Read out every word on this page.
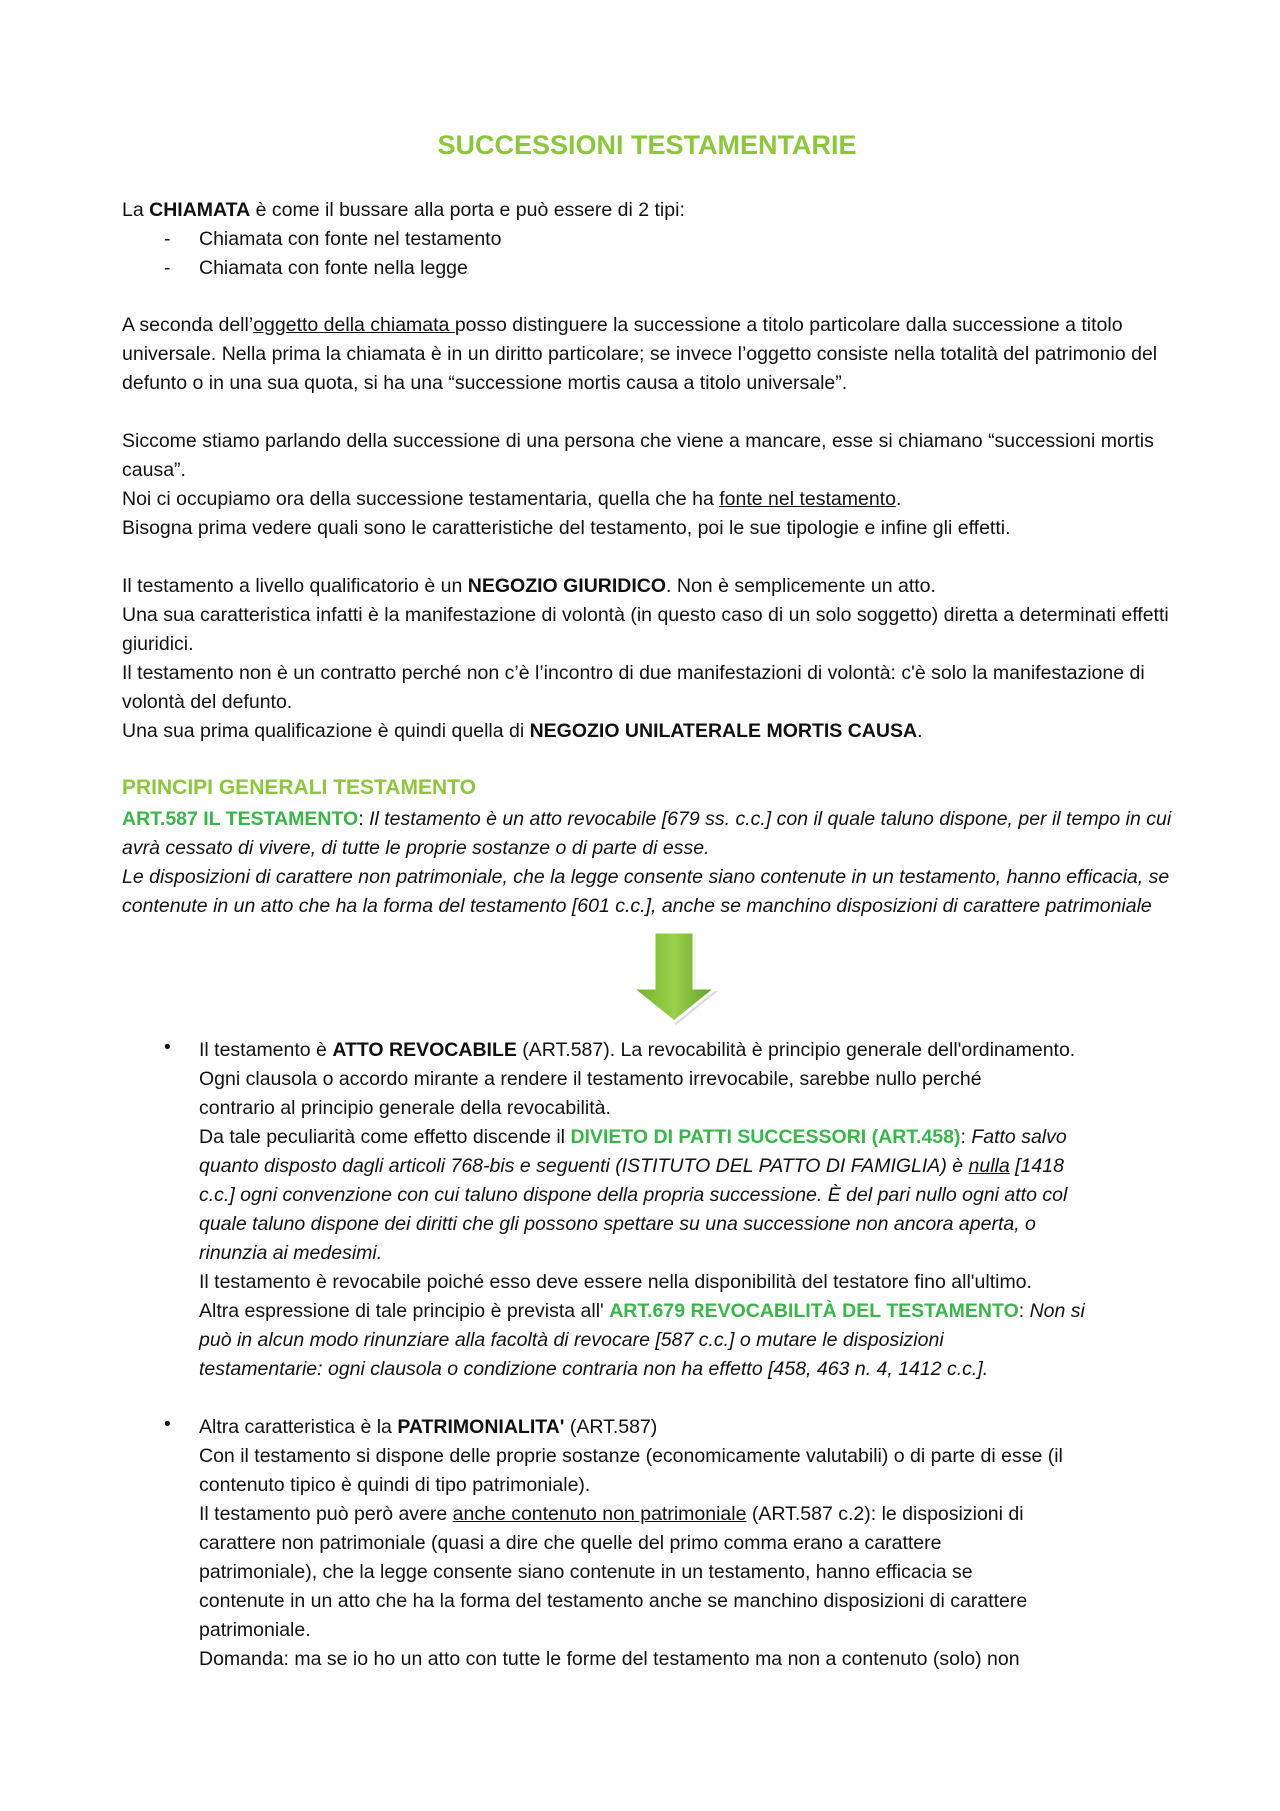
SUCCESSIONI TESTAMENTARIE
La CHIAMATA è come il bussare alla porta e può essere di 2 tipi:
- Chiamata con fonte nel testamento
- Chiamata con fonte nella legge
A seconda dell’oggetto della chiamata posso distinguere la successione a titolo particolare dalla successione a titolo universale. Nella prima la chiamata è in un diritto particolare; se invece l’oggetto consiste nella totalità del patrimonio del defunto o in una sua quota, si ha una “successione mortis causa a titolo universale”.
Siccome stiamo parlando della successione di una persona che viene a mancare, esse si chiamano “successioni mortis causa”.
Noi ci occupiamo ora della successione testamentaria, quella che ha fonte nel testamento.
Bisogna prima vedere quali sono le caratteristiche del testamento, poi le sue tipologie e infine gli effetti.
Il testamento a livello qualificatorio è un NEGOZIO GIURIDICO. Non è semplicemente un atto.
Una sua caratteristica infatti è la manifestazione di volontà (in questo caso di un solo soggetto) diretta a determinati effetti giuridici.
Il testamento non è un contratto perché non c’è l’incontro di due manifestazioni di volontà: c'è solo la manifestazione di volontà del defunto.
Una sua prima qualificazione è quindi quella di NEGOZIO UNILATERALE MORTIS CAUSA.
PRINCIPI GENERALI TESTAMENTO
ART.587 IL TESTAMENTO: Il testamento è un atto revocabile [679 ss. c.c.] con il quale taluno dispone, per il tempo in cui avrà cessato di vivere, di tutte le proprie sostanze o di parte di esse.
Le disposizioni di carattere non patrimoniale, che la legge consente siano contenute in un testamento, hanno efficacia, se contenute in un atto che ha la forma del testamento [601 c.c.], anche se manchino disposizioni di carattere patrimoniale
• Il testamento è ATTO REVOCABILE (ART.587). La revocabilità è principio generale dell'ordinamento.
Ogni clausola o accordo mirante a rendere il testamento irrevocabile, sarebbe nullo perché
contrario al principio generale della revocabilità.
Da tale peculiarità come effetto discende il DIVIETO DI PATTI SUCCESSORI (ART.458): Fatto salvo
quanto disposto dagli articoli 768-bis e seguenti (ISTITUTO DEL PATTO DI FAMIGLIA) è nulla [1418
c.c.] ogni convenzione con cui taluno dispone della propria successione. È del pari nullo ogni atto col
quale taluno dispone dei diritti che gli possono spettare su una successione non ancora aperta, o
rinunzia ai medesimi.
Il testamento è revocabile poiché esso deve essere nella disponibilità del testatore fino all'ultimo.
Altra espressione di tale principio è prevista all' ART.679 REVOCABILITÀ DEL TESTAMENTO: Non si
può in alcun modo rinunziare alla facoltà di revocare [587 c.c.] o mutare le disposizioni
testamentarie: ogni clausola o condizione contraria non ha effetto [458, 463 n. 4, 1412 c.c.].
• Altra caratteristica è la PATRIMONIALITA' (ART.587)
Con il testamento si dispone delle proprie sostanze (economicamente valutabili) o di parte di esse (il
contenuto tipico è quindi di tipo patrimoniale).
Il testamento può però avere anche contenuto non patrimoniale (ART.587 c.2): le disposizioni di
carattere non patrimoniale (quasi a dire che quelle del primo comma erano a carattere
patrimoniale), che la legge consente siano contenute in un testamento, hanno efficacia se
contenute in un atto che ha la forma del testamento anche se manchino disposizioni di carattere
patrimoniale.
Domanda: ma se io ho un atto con tutte le forme del testamento ma non a contenuto (solo) non
